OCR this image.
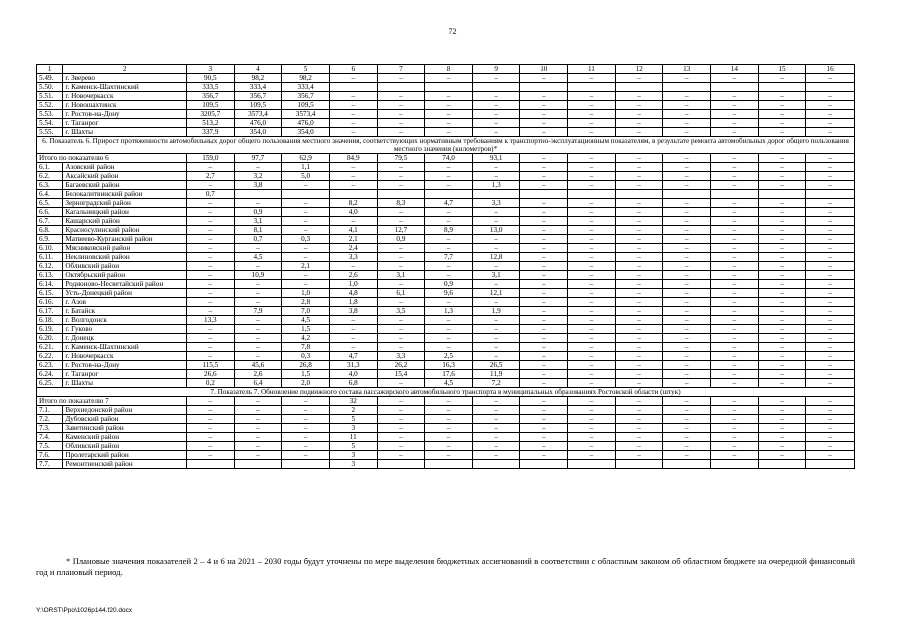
72
1	2	3	4	5	6	7	8	9	10	11	12	13	14	15	16
5.49.	г. Зверево	90,5	98,2	98,2	–	–	–	–	–	–	–	–	–	–	–
5.50.	г. Каменск-Шахтинский	333,5	333,4	333,4											
5.51.	г. Новочеркасск	356,7	356,7	356,7	–	–	–	–	–	–	–	–	–	–	–
5.52.	г. Новошахтинск	109,5	109,5	109,5	–	–	–	–	–	–	–	–	–	–	–
5.53.	г. Ростов-на-Дону	3205,7	3573,4	3573,4	–	–	–	–	–	–	–	–	–	–	–
5.54.	г. Таганрог	513,2	476,0	476,0	–	–	–	–	–	–	–	–	–	–	–
5.55.	г. Шахты	337,9	354,0	354,0	–	–	–	–	–	–	–	–	–	–	–
6. Показатель 6. Прирост протяженности автомобильных дорог общего пользования местного значения, соответствующих нормативным требованиям к транспортно-эксплуатационным показателям, в результате ремонта автомобильных дорог общего пользования местного значения (километров)*															
Итого по показателю 6		159,0	97,7	62,9	84,9	79,5	74,0	93,1	–	–	–	–	–	–	–
6.1.	Азовский район	–	–	1,1	–	–	–	–	–	–	–	–	–	–	–
6.2.	Аксайский район	2,7	3,2	5,0	–	–	–	–	–	–	–	–	–	–	–
6.3.	Багаевский район	–	3,8	–	–	–	–	1,3	–	–	–	–	–	–	–
6.4.	Белокалитвинский район	0,7													
6.5.	Зерноградский район	–	–	–	8,2	8,3	4,7	3,3	–	–	–	–	–	–	–
6.6.	Кагальницкий район	–	0,9	–	4,0	–	–	–	–	–	–	–	–	–	–
6.7.	Кашарский район	–	3,1	–	–	–	–	–	–	–	–	–	–	–	–
6.8.	Красносулинский район	–	8,1	–	4,1	12,7	8,9	13,0	–	–	–	–	–	–	–
6.9.	Матвеево-Курганский район	–	0,7	0,3	2,1	0,9	–	–	–	–	–	–	–	–	–
6.10.	Мясниковский район	–	–	–	2,4	–	–	–	–	–	–	–	–	–	–
6.11.	Неклиновский район	–	4,5	–	3,3	–	7,7	12,8	–	–	–	–	–	–	–
6.12.	Обливский район	–	–	2,1	–	–	–	–	–	–	–	–	–	–	–
6.13.	Октябрьский район	–	10,9	–	2,6	3,1	–	3,1	–	–	–	–	–	–	–
6.14.	Родионово-Несветайский район	–	–	–	1,0	–	0,9	–	–	–	–	–	–	–	–
6.15.	Усть-Донецкий район	–	–	1,0	4,8	6,1	9,6	12,1	–	–	–	–	–	–	–
6.16.	г. Азов	–	–	2,8	1,8	–	–	–	–	–	–	–	–	–	–
6.17.	г. Батайск	–	7,9	7,0	3,8	3,5	1,3	1,9	–	–	–	–	–	–	–
6.18.	г. Волгодонск	13,3	–	4,5	–	–	–	–	–	–	–	–	–	–	–
6.19.	г. Гуково	–	–	1,5	–	–	–	–	–	–	–	–	–	–	–
6.20.	г. Донецк	–	–	4,2	–	–	–	–	–	–	–	–	–	–	–
6.21.	г. Каменск-Шахтинский	–	–	7,8	–	–	–	–	–	–	–	–	–	–	–
6.22.	г. Новочеркасск	–	–	0,3	4,7	3,3	2,5	–	–	–	–	–	–	–	–
6.23.	г. Ростов-на-Дону	115,5	45,6	26,8	31,3	26,2	16,3	26,5	–	–	–	–	–	–	–
6.24.	г. Таганрог	26,6	2,6	1,5	4,0	15,4	17,6	11,9	–	–	–	–	–	–	–
6.25.	г. Шахты	0,2	6,4	2,0	6,8	–	4,5	7,2	–	–	–	–	–	–	–
7. Показатель 7. Обновление подвижного состава пассажирского автомобильного транспорта в муниципальных образованиях Ростовской области (штук)															
Итого по показателю 7		–	–	–	32	–	–	–	–	–	–	–	–	–	–
7.1.	Верхнедонской район	–	–	–	2	–	–	–	–	–	–	–	–	–	–
7.2.	Дубовский район	–	–	–	5	–	–	–	–	–	–	–	–	–	–
7.3.	Заветинский район	–	–	–	3	–	–	–	–	–	–	–	–	–	–
7.4.	Каменский район	–	–	–	11	–	–	–	–	–	–	–	–	–	–
7.5.	Обливский район	–	–	–	5	–	–	–	–	–	–	–	–	–	–
7.6.	Пролетарский район	–	–	–	3	–	–	–	–	–	–	–	–	–	–
7.7.	Ремонтненский район				3										
* Плановые значения показателей 2 – 4 и 6 на 2021 – 2030 годы будут уточнены по мере выделения бюджетных ассигнований в соответствии с областным законом об областном бюджете на очередной финансовый год и плановый период.
Y:\ORST\Ppo\1026p144.f20.docx
